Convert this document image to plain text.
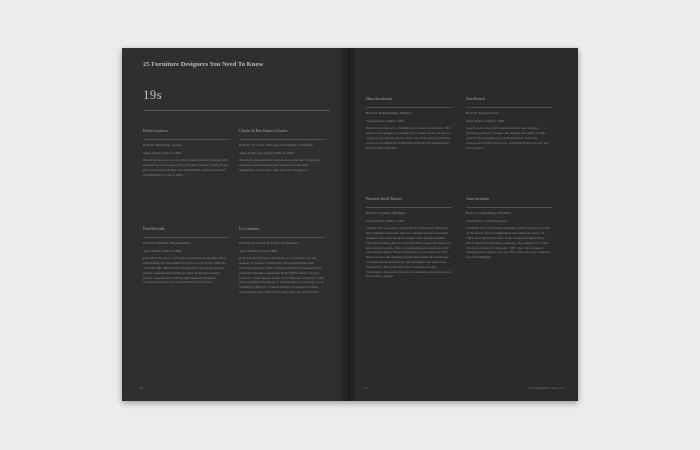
25 Furniture Designers You Need To Know
19s
Eileen Gorkova
Born In: Innsbruck, Austria
Years Active: 1947 to 1987
Eileen Gorkova was a late 20th century Italian Designer. He hovered the wild zones of Pop Art and dynamic forms of Art Deco and helped define Post-Modernism when he founded the Memphis Group in 1981.
Charles & Ray Eames (Charles…
Born In: St. Louis, Missouri; Sacramento, California
Years Active: (as a duo) 1940s to 1970s
America's quintessential husband and wife duo brothered creative team worked in just about every medium imaginable. They, more than any other designer…
Paul McCobb
Born In: Medford, Massachusetts
Years Active: 1945 to 1969
Paul McCobb was a self trained American modernist. After establishing his own studio in 1945, he was active until his death in 1969. His Planner Group line was among the best selling contemporary furniture lines of the mid-century period. Launched in 1949 by Winchendon Furniture Company this line was in production for 14 years.
Le Corbusier
Born In: La Chaux-de-Fonds, Switzerland
Years Active: 1914 to 1965
Born Charles-Édouard Jeanneret, Le Corbusier was the pioneer of modern architecture. His experiments with furniture began in 1928 working with Pierre Jeanneret and Charlotte Perriand, and those from 1928 with the "Grand Confort". Later known as the "Le Corbusier Collection", his chair solidified his legend in seating almost as strongly as in buildings. The LC4, a chaise lounge, is perhaps the most recognizable piece that you'll learn more about that later.
34
Hans Swarlovan
Born In: Kokkomlaksu, Finland
Years Active: 1946 to 1961
Hans Swarlovan was a Finnish-born American architect. His most iconic design is probably the St Louis Arch, but there's a great good chance you've sat in one of his classic armchair, chairs or an almost all of his tulip table that he designed for Knoll in the early 50's.
Jean Prouvé
Born In: Nancy, France
Years Active: 1924 to 1984
Jean Prouvé was a self taught architect and designer. Working primarily in steel, his designs are highly sought after in the contemporary auction market. Recently rediscovered in the great post on French Flagel doctors and interrogators.
Florence Knoll Bassett
Born In: Saginaw, Michigan
Years Active: 1945 to 1965
Though her vase pieces and sofas are ubiquitous, Florence Knoll Bassett famously did not consider herself a furniture designer. She, and she alone would only design furniture when the existing Knoll collection did not meet the needs of her interior projects. She co-founded Knoll Associates with her husband Hans. When he died in a car accident in 1955 she took over the company and helped shape the landscape of American Modernism by introducing iconic selections designed by Harry Bertoia, Eero Saarinen, George Nakashima, Alexandre Girard and countless other masters of mid-century design.
Arne Jacobsen
Born In: Copenhagen, Denmark
Years Active: 1930 to present
A Danish born and trained designer, Arne Jacobsen was one of the first to fuse Scandinavian and American styles. In 1941, after moving to New York, Jacobsen helped Hans Knoll launch his furniture company. He designed 15 of the 20 pieces in Knoll's catalogue "600" line. He continued designing through the 40's and 50's under his own company, Jacobsen Designs.
35	roost magazine · issue two
